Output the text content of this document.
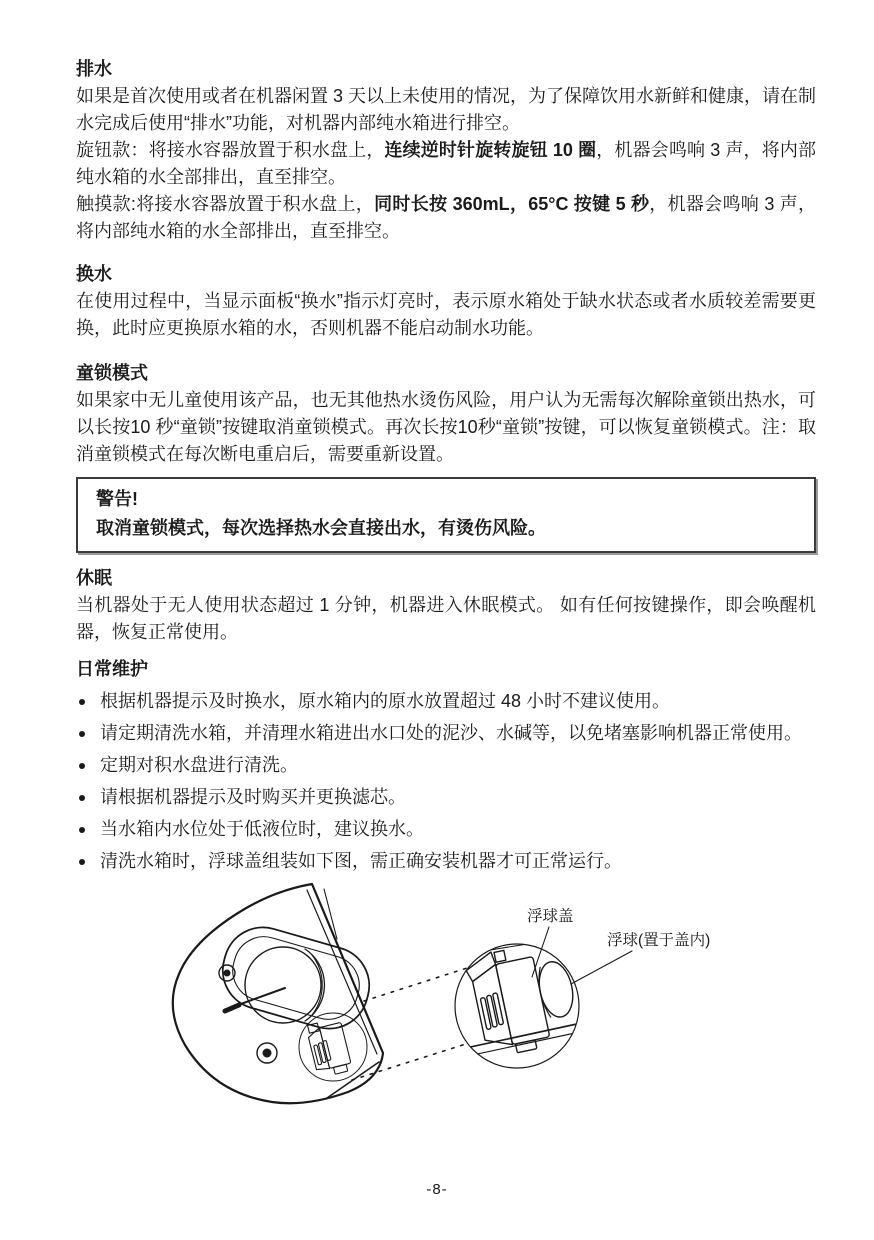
排水

如果是首次使用或者在机器闲置 3 天以上未使用的情况，为了保障饮用水新鲜和健康，请在制水完成后使用“排水”功能，对机器内部纯水箱进行排空。

旋钮款：将接水容器放置于积水盘上，连续逆时针旋转旋钮 10 圈，机器会鸣响 3 声，将内部纯水箱的水全部排出，直至排空。

触摸款:将接水容器放置于积水盘上，同时长按 360mL，65°C 按键 5 秒，机器会鸣响 3 声，将内部纯水箱的水全部排出，直至排空。

换水

在使用过程中，当显示面板“换水”指示灯亮时，表示原水箱处于缺水状态或者水质较差需要更换，此时应更换原水箱的水，否则机器不能启动制水功能。

童锁模式

如果家中无儿童使用该产品，也无其他热水烫伤风险，用户认为无需每次解除童锁出热水，可以长按10 秒“童锁”按键取消童锁模式。再次长按10秒“童锁”按键，可以恢复童锁模式。注：取消童锁模式在每次断电重启后，需要重新设置。

警告!

取消童锁模式，每次选择热水会直接出水，有烫伤风险。

休眠

当机器处于无人使用状态超过 1 分钟，机器进入休眠模式。 如有任何按键操作，即会唤醒机器，恢复正常使用。

日常维护
根据机器提示及时换水，原水箱内的原水放置超过 48 小时不建议使用。
请定期清洗水箱，并清理水箱进出水口处的泥沙、水碱等，以免堵塞影响机器正常使用。
定期对积水盘进行清洗。
请根据机器提示及时购买并更换滤芯。
当水箱内水位处于低液位时，建议换水。
清洗水箱时，浮球盖组装如下图，需正确安装机器才可正常运行。
浮球盖
浮球(置于盖内)
-8-
